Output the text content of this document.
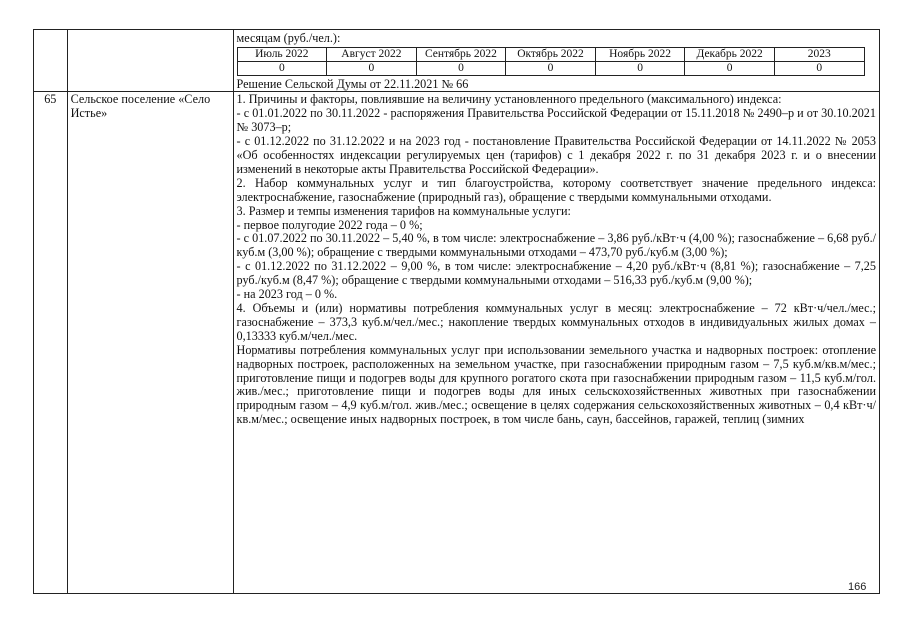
месяцам (руб./чел.):
Июль 2022	Август 2022	Сентябрь 2022	Октябрь 2022	Ноябрь 2022	Декабрь 2022	2023
0	0	0	0	0	0	0
Решение Сельской Думы от 22.11.2021 № 66

65	Сельское поселение «Село Истье»	
1. Причины и факторы, повлиявшие на величину установленного предельного (максимального) индекса:
- с 01.01.2022 по 30.11.2022 - распоряжения Правительства Российской Федерации от 15.11.2018 № 2490–р и от 30.10.2021 № 3073–р;
- с 01.12.2022 по 31.12.2022 и на 2023 год - постановление Правительства Российской Федерации от 14.11.2022 № 2053 «Об особенностях индексации регулируемых цен (тарифов) с 1 декабря 2022 г. по 31 декабря 2023 г. и о внесении изменений в некоторые акты Правительства Российской Федерации».
2. Набор коммунальных услуг и тип благоустройства, которому соответствует значение предельного индекса: электроснабжение, газоснабжение (природный газ), обращение с твердыми коммунальными отходами.
3. Размер и темпы изменения тарифов на коммунальные услуги:
- первое полугодие 2022 года – 0 %;
- с 01.07.2022 по 30.11.2022 – 5,40 %, в том числе: электроснабжение – 3,86 руб./кВт·ч (4,00 %); газоснабжение – 6,68 руб./куб.м (3,00 %); обращение с твердыми коммунальными отходами – 473,70 руб./куб.м (3,00 %);
- с 01.12.2022 по 31.12.2022 – 9,00 %, в том числе: электроснабжение – 4,20 руб./кВт·ч (8,81 %); газоснабжение – 7,25 руб./куб.м (8,47 %); обращение с твердыми коммунальными отходами – 516,33 руб./куб.м (9,00 %);
- на 2023 год – 0 %.
4. Объемы и (или) нормативы потребления коммунальных услуг в месяц: электроснабжение – 72 кВт·ч/чел./мес.; газоснабжение – 373,3 куб.м/чел./мес.; накопление твердых коммунальных отходов в индивидуальных жилых домах – 0,13333 куб.м/чел./мес.
Нормативы потребления коммунальных услуг при использовании земельного участка и надворных построек: отопление надворных построек, расположенных на земельном участке, при газоснабжении природным газом – 7,5 куб.м/кв.м/мес.; приготовление пищи и подогрев воды для крупного рогатого скота при газоснабжении природным газом – 11,5 куб.м/гол. жив./мес.; приготовление пищи и подогрев воды для иных сельскохозяйственных животных при газоснабжении природным газом – 4,9 куб.м/гол. жив./мес.; освещение в целях содержания сельскохозяйственных животных – 0,4 кВт·ч/кв.м/мес.; освещение иных надворных построек, в том числе бань, саун, бассейнов, гаражей, теплиц (зимних
166
